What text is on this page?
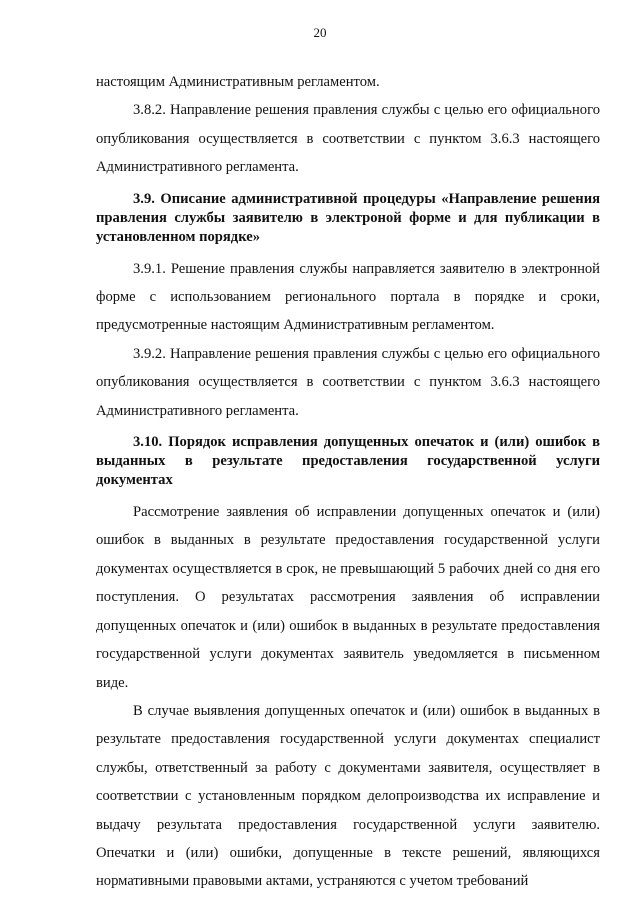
20

настоящим Административным регламентом.

3.8.2. Направление решения правления службы с целью его официального опубликования осуществляется в соответствии с пунктом 3.6.3 настоящего Административного регламента.

3.9. Описание административной процедуры «Направление решения правления службы заявителю в электроной форме и для публикации в установленном порядке»

3.9.1. Решение правления службы направляется заявителю в электронной форме с использованием регионального портала в порядке и сроки, предусмотренные настоящим Административным регламентом.

3.9.2. Направление решения правления службы с целью его официального опубликования осуществляется в соответствии с пунктом 3.6.3 настоящего Административного регламента.

3.10. Порядок исправления допущенных опечаток и (или) ошибок в выданных в результате предоставления государственной услуги документах

Рассмотрение заявления об исправлении допущенных опечаток и (или) ошибок в выданных в результате предоставления государственной услуги документах осуществляется в срок, не превышающий 5 рабочих дней со дня его поступления. О результатах рассмотрения заявления об исправлении допущенных опечаток и (или) ошибок в выданных в результате предоставления государственной услуги документах заявитель уведомляется в письменном виде.

В случае выявления допущенных опечаток и (или) ошибок в выданных в результате предоставления государственной услуги документах специалист службы, ответственный за работу с документами заявителя, осуществляет в соответствии с установленным порядком делопроизводства их исправление и выдачу результата предоставления государственной услуги заявителю. Опечатки и (или) ошибки, допущенные в тексте решений, являющихся нормативными правовыми актами, устраняются с учетом требований
